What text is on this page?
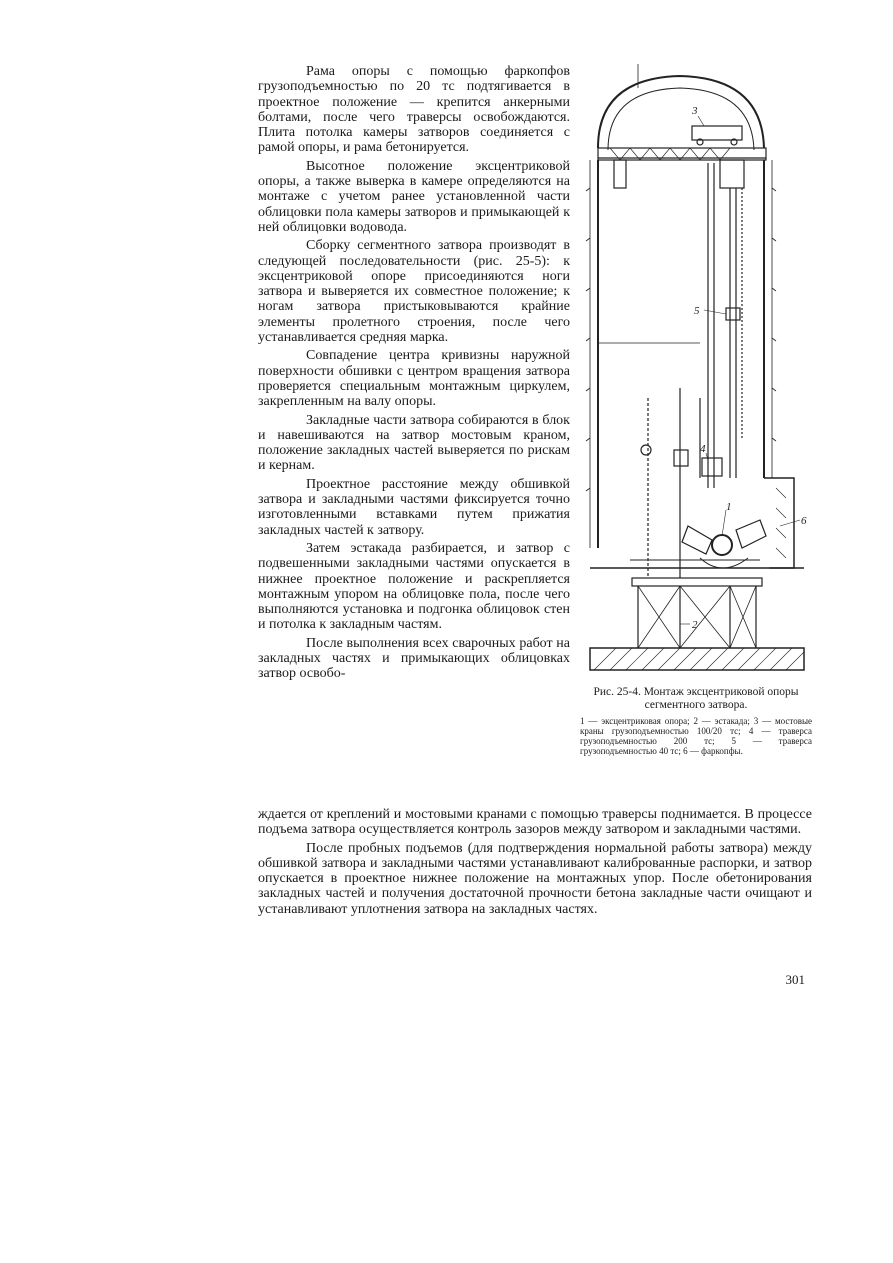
Рама опоры с помощью фаркопфов грузоподъемностью по 20 тс подтягивается в проектное положение — крепится анкерными болтами, после чего траверсы освобождаются. Плита потолка камеры затворов соединяется с рамой опоры, и рама бетонируется.

Высотное положение эксцентриковой опоры, а также выверка в камере определяются на монтаже с учетом ранее установленной части облицовки пола камеры затворов и примыкающей к ней облицовки водовода.

Сборку сегментного затвора производят в следующей последовательности (рис. 25-5): к эксцентриковой опоре присоединяются ноги затвора и выверяется их совместное положение; к ногам затвора пристыковываются крайние элементы пролетного строения, после чего устанавливается средняя марка.

Совпадение центра кривизны наружной поверхности обшивки с центром вращения затвора проверяется специальным монтажным циркулем, закрепленным на валу опоры.

Закладные части затвора собираются в блок и навешиваются на затвор мостовым краном, положение закладных частей выверяется по рискам и кернам.

Проектное расстояние между обшивкой затвора и закладными частями фиксируется точно изготовленными вставками путем прижатия закладных частей к затвору.

Затем эстакада разбирается, и затвор с подвешенными закладными частями опускается в нижнее проектное положение и раскрепляется монтажным упором на облицовке пола, после чего выполняются установка и подгонка облицовок стен и потолка к закладным частям.

После выполнения всех сварочных работ на закладных частях и примыкающих облицовках затвор освобо-

1
2
3
4
5
6
Рис. 25-4. Монтаж эксцентриковой опоры сегментного затвора.
1 — эксцентриковая опора; 2 — эстакада; 3 — мостовые краны грузоподъемностью 100/20 тс; 4 — траверса грузоподъемностью 200 тс; 5 — траверса грузоподъемностью 40 тс; 6 — фаркопфы.

ждается от креплений и мостовыми кранами с помощью траверсы поднимается. В процессе подъема затвора осуществляется контроль зазоров между затвором и закладными частями.

После пробных подъемов (для подтверждения нормальной работы затвора) между обшивкой затвора и закладными частями устанавливают калиброванные распорки, и затвор опускается в проектное нижнее положение на монтажных упор. После обетонирования закладных частей и получения достаточной прочности бетона закладные части очищают и устанавливают уплотнения затвора на закладных частях.

301
